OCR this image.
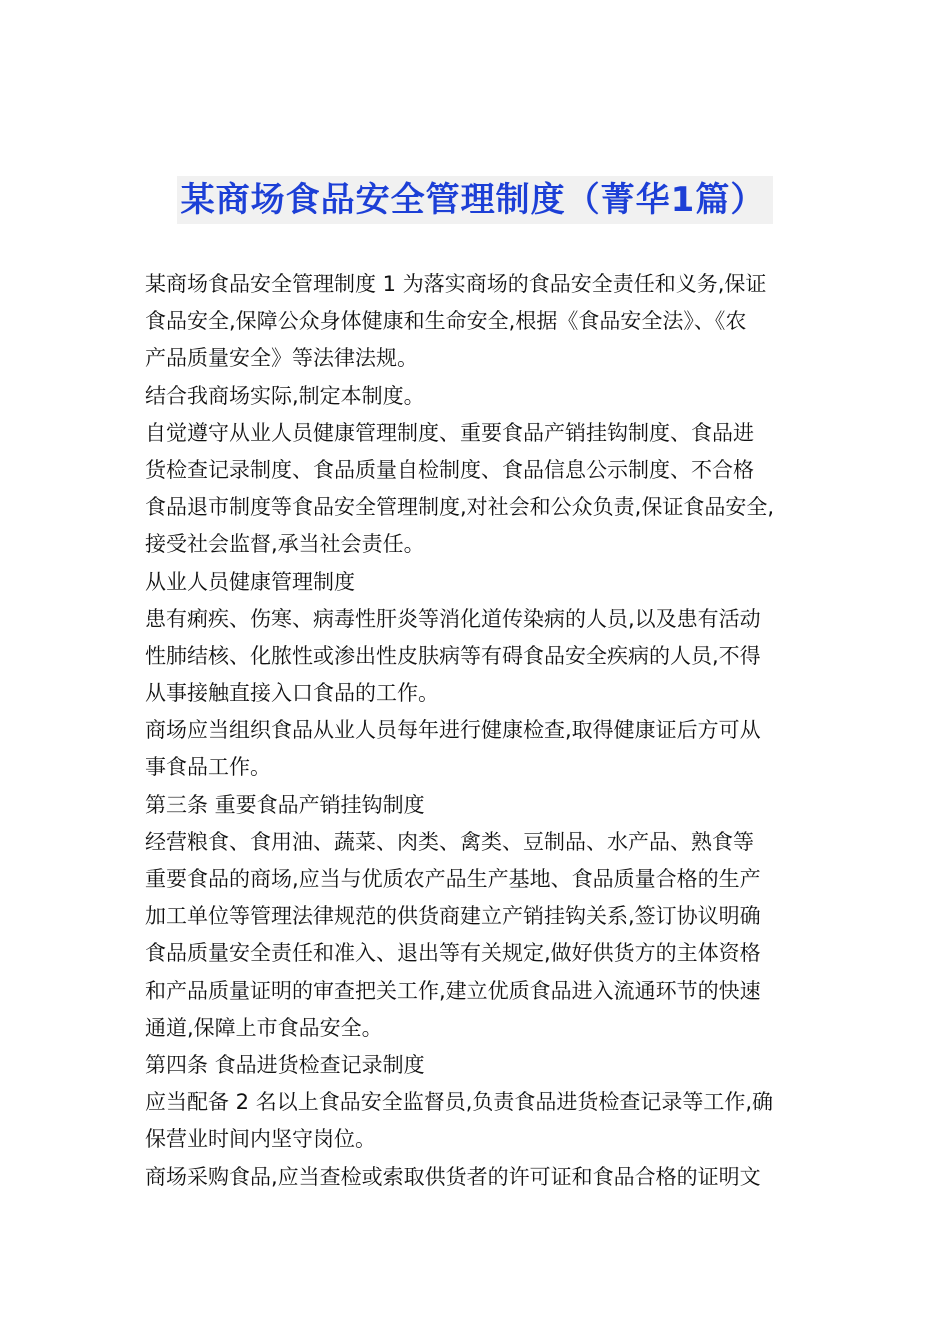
某商场食品安全管理制度（菁华1篇）
某商场食品安全管理制度 1 为落实商场的食品安全责任和义务,保证
食品安全,保障公众身体健康和生命安全,根据《食品安全法》、《农
产品质量安全》等法律法规。
结合我商场实际,制定本制度。
自觉遵守从业人员健康管理制度、重要食品产销挂钩制度、食品进
货检查记录制度、食品质量自检制度、食品信息公示制度、不合格
食品退市制度等食品安全管理制度,对社会和公众负责,保证食品安全,
接受社会监督,承当社会责任。
从业人员健康管理制度
患有痢疾、伤寒、病毒性肝炎等消化道传染病的人员,以及患有活动
性肺结核、化脓性或渗出性皮肤病等有碍食品安全疾病的人员,不得
从事接触直接入口食品的工作。
商场应当组织食品从业人员每年进行健康检查,取得健康证后方可从
事食品工作。
第三条 重要食品产销挂钩制度
经营粮食、食用油、蔬菜、肉类、禽类、豆制品、水产品、熟食等
重要食品的商场,应当与优质农产品生产基地、食品质量合格的生产
加工单位等管理法律规范的供货商建立产销挂钩关系,签订协议明确
食品质量安全责任和准入、退出等有关规定,做好供货方的主体资格
和产品质量证明的审查把关工作,建立优质食品进入流通环节的快速
通道,保障上市食品安全。
第四条 食品进货检查记录制度
应当配备 2 名以上食品安全监督员,负责食品进货检查记录等工作,确
保营业时间内坚守岗位。
商场采购食品,应当查检或索取供货者的许可证和食品合格的证明文
